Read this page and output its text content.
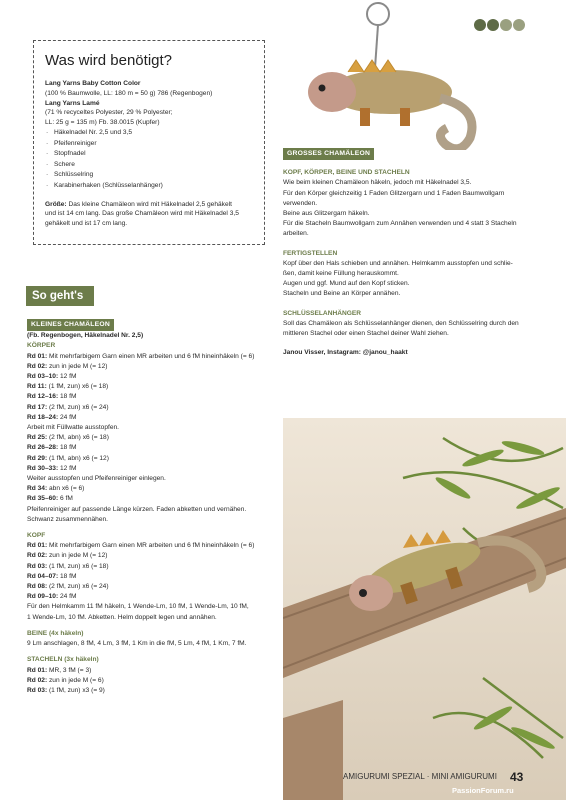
Was wird benötigt?

Lang Yarns Baby Cotton Color

(100 % Baumwolle, LL: 180 m = 50 g) 786 (Regenbogen)

Lang Yarns Lamé

(71 % recyceltes Polyester, 29 % Polyester;

LL: 25 g = 135 m) Fb. 38.0015 (Kupfer)

· Häkelnadel Nr. 2,5 und 3,5
· Pfeifenreiniger
· Stopfnadel
· Schere
· Schlüsselring
· Karabinerhaken (Schlüsselanhänger)

Größe: Das kleine Chamäleon wird mit Häkelnadel 2,5 gehäkelt

und ist 14 cm lang. Das große Chamäleon wird mit Häkelnadel 3,5

gehäkelt und ist 17 cm lang.

So geht's
KLEINES CHAMÄLEON
(Fb. Regenbogen, Häkelnadel Nr. 2,5)
KÖRPER
Rd 01: Mit mehrfarbigem Garn einen MR arbeiten und 6 fM hineinhäkeln (= 6)
Rd 02: zun in jede M (= 12)
Rd 03–10: 12 fM
Rd 11: (1 fM, zun) x6 (= 18)
Rd 12–16: 18 fM
Rd 17: (2 fM, zun) x6 (= 24)
Rd 18–24: 24 fM
Arbeit mit Füllwatte ausstopfen.
Rd 25: (2 fM, abn) x6 (= 18)
Rd 26–28: 18 fM
Rd 29: (1 fM, abn) x6 (= 12)
Rd 30–33: 12 fM
Weiter ausstopfen und Pfeifenreiniger einlegen.
Rd 34: abn x6 (= 6)
Rd 35–60: 6 fM
Pfeifenreiniger auf passende Länge kürzen. Faden abketten und vernähen.
Schwanz zusammennähen.
KOPF
Rd 01: Mit mehrfarbigem Garn einen MR arbeiten und 6 fM hineinhäkeln (= 6)
Rd 02: zun in jede M (= 12)
Rd 03: (1 fM, zun) x6 (= 18)
Rd 04–07: 18 fM
Rd 08: (2 fM, zun) x6 (= 24)
Rd 09–10: 24 fM
Für den Helmkamm 11 fM häkeln, 1 Wende-Lm, 10 fM, 1 Wende-Lm, 10 fM,
1 Wende-Lm, 10 fM. Abketten. Helm doppelt legen und annähen.
BEINE (4x häkeln)
9 Lm anschlagen, 8 fM, 4 Lm, 3 fM, 1 Km in die fM, 5 Lm, 4 fM, 1 Km, 7 fM.
STACHELN (3x häkeln)
Rd 01: MR, 3 fM (= 3)
Rd 02: zun in jede M (= 6)
Rd 03: (1 fM, zun) x3 (= 9)
GROSSES CHAMÄLEON
KOPF, KÖRPER, BEINE UND STACHELN
Wie beim kleinen Chamäleon häkeln, jedoch mit Häkelnadel 3,5.
Für den Körper gleichzeitig 1 Faden Glitzergarn und 1 Faden Baumwollgarn
verwenden.
Beine aus Glitzergarn häkeln.
Für die Stacheln Baumwollgarn zum Annähen verwenden und 4 statt 3 Stacheln
arbeiten.
FERTIGSTELLEN
Kopf über den Hals schieben und annähen. Helmkamm ausstopfen und schlie-
ßen, damit keine Füllung herauskommt.
Augen und ggf. Mund auf den Kopf sticken.
Stacheln und Beine an Körper annähen.
SCHLÜSSELANHÄNGER
Soll das Chamäleon als Schlüsselanhänger dienen, den Schlüsselring durch den
mittleren Stachel oder einen Stachel deiner Wahl ziehen.
Janou Visser, Instagram: @janou_haakt
AMIGURUMI SPEZIAL · MINI AMIGURUMI 43
PassionForum.ru
